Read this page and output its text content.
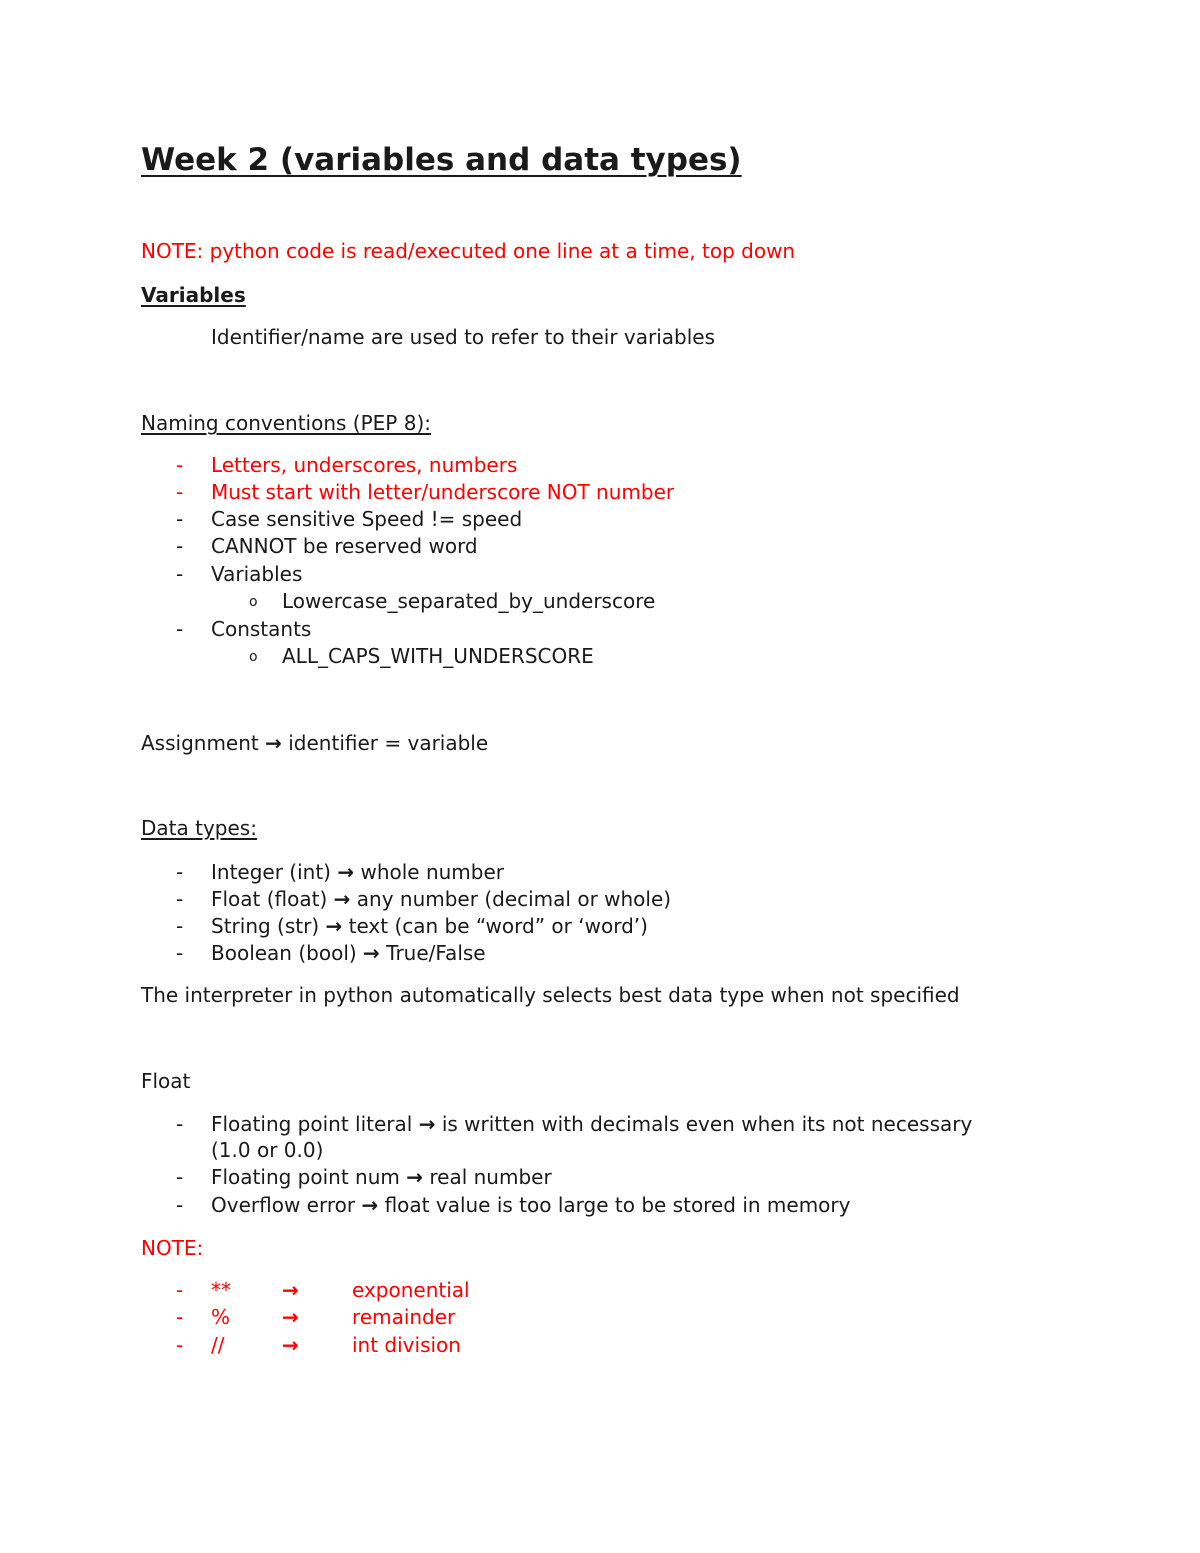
Week 2 (variables and data types)
NOTE: python code is read/executed one line at a time, top down
Variables
Identifier/name are used to refer to their variables
Naming conventions (PEP 8):
- Letters, underscores, numbers
- Must start with letter/underscore NOT number
- Case sensitive Speed != speed
- CANNOT be reserved word
- Variables
o Lowercase_separated_by_underscore
- Constants
o ALL_CAPS_WITH_UNDERSCORE
Assignment → identifier = variable
Data types:
- Integer (int) → whole number
- Float (float) → any number (decimal or whole)
- String (str) → text (can be “word” or ‘word’)
- Boolean (bool) → True/False
The interpreter in python automatically selects best data type when not specified
Float
- Floating point literal → is written with decimals even when its not necessary
(1.0 or 0.0)
- Floating point num → real number
- Overflow error → float value is too large to be stored in memory
NOTE:
- **	→	exponential
- %	→	remainder
- //	→	int division
